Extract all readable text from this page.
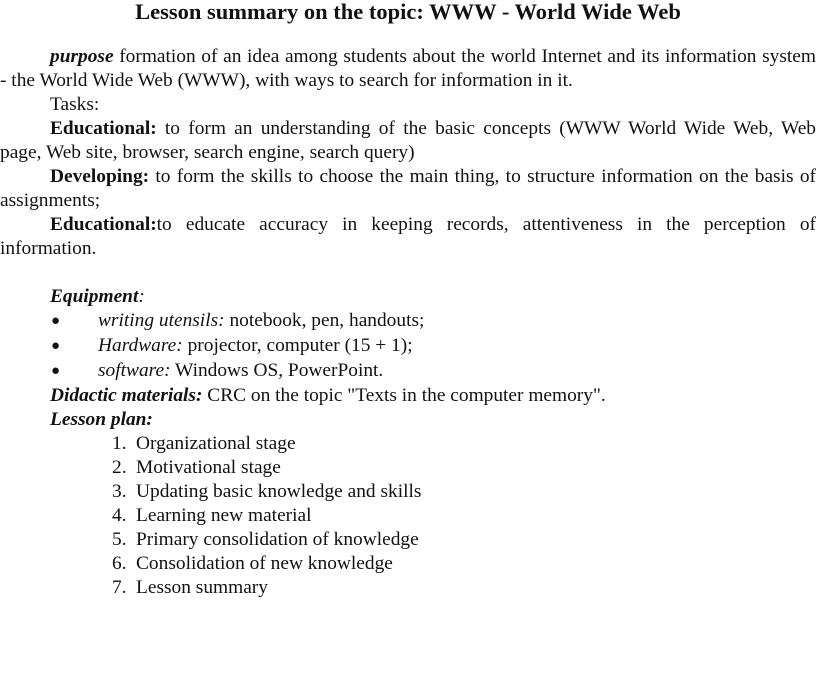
Lesson summary on the topic: WWW - World Wide Web

purpose formation of an idea among students about the world Internet and its information system - the World Wide Web (WWW), with ways to search for information in it.

Tasks:

Educational: to form an understanding of the basic concepts (WWW World Wide Web, Web page, Web site, browser, search engine, search query)

Developing: to form the skills to choose the main thing, to structure information on the basis of assignments;

Educational:to educate accuracy in keeping records, attentiveness in the perception of information.

Equipment:

● writing utensils: notebook, pen, handouts;
● Hardware: projector, computer (15 + 1);
● software: Windows OS, PowerPoint.

Didactic materials: CRC on the topic "Texts in the computer memory".

Lesson plan:

1. Organizational stage
2. Motivational stage
3. Updating basic knowledge and skills
4. Learning new material
5. Primary consolidation of knowledge
6. Consolidation of new knowledge
7. Lesson summary
